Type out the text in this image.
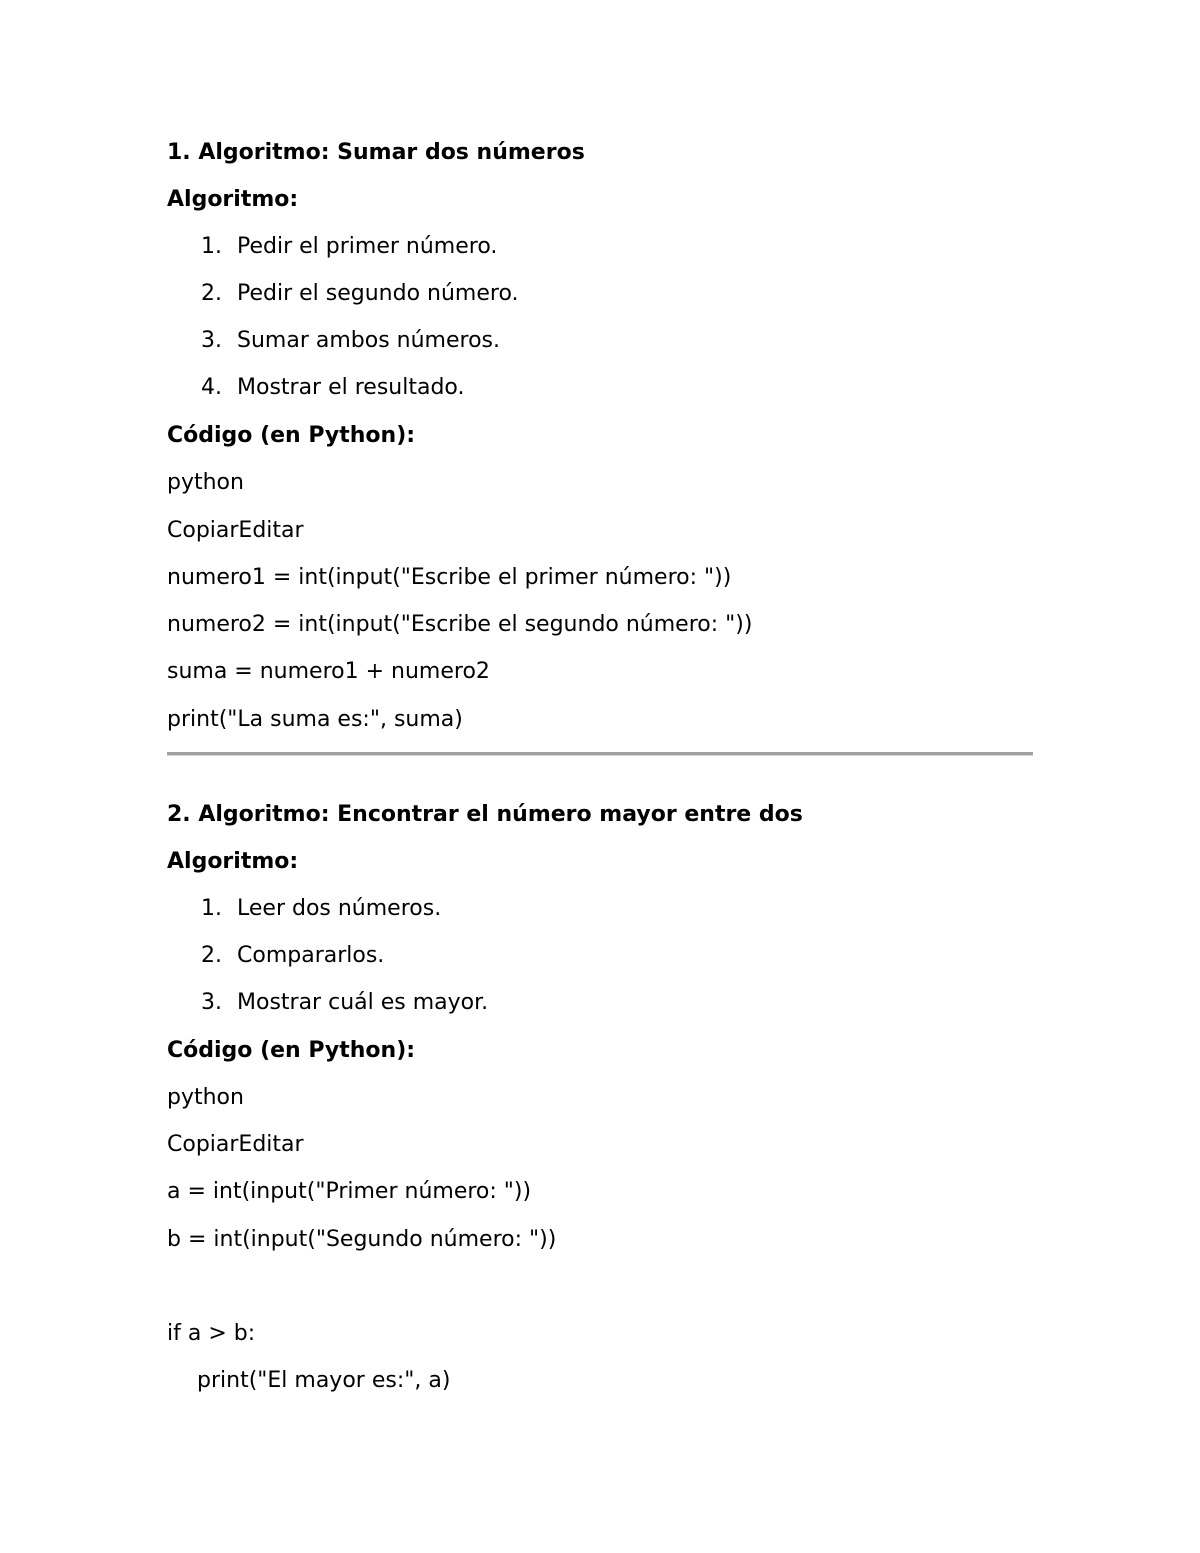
1. Algoritmo: Sumar dos números
Algoritmo:
1. Pedir el primer número.
2. Pedir el segundo número.
3. Sumar ambos números.
4. Mostrar el resultado.
Código (en Python):
python
CopiarEditar
numero1 = int(input("Escribe el primer número: "))
numero2 = int(input("Escribe el segundo número: "))
suma = numero1 + numero2
print("La suma es:", suma)
2. Algoritmo: Encontrar el número mayor entre dos
Algoritmo:
1. Leer dos números.
2. Compararlos.
3. Mostrar cuál es mayor.
Código (en Python):
python
CopiarEditar
a = int(input("Primer número: "))
b = int(input("Segundo número: "))
if a > b:
print("El mayor es:", a)
